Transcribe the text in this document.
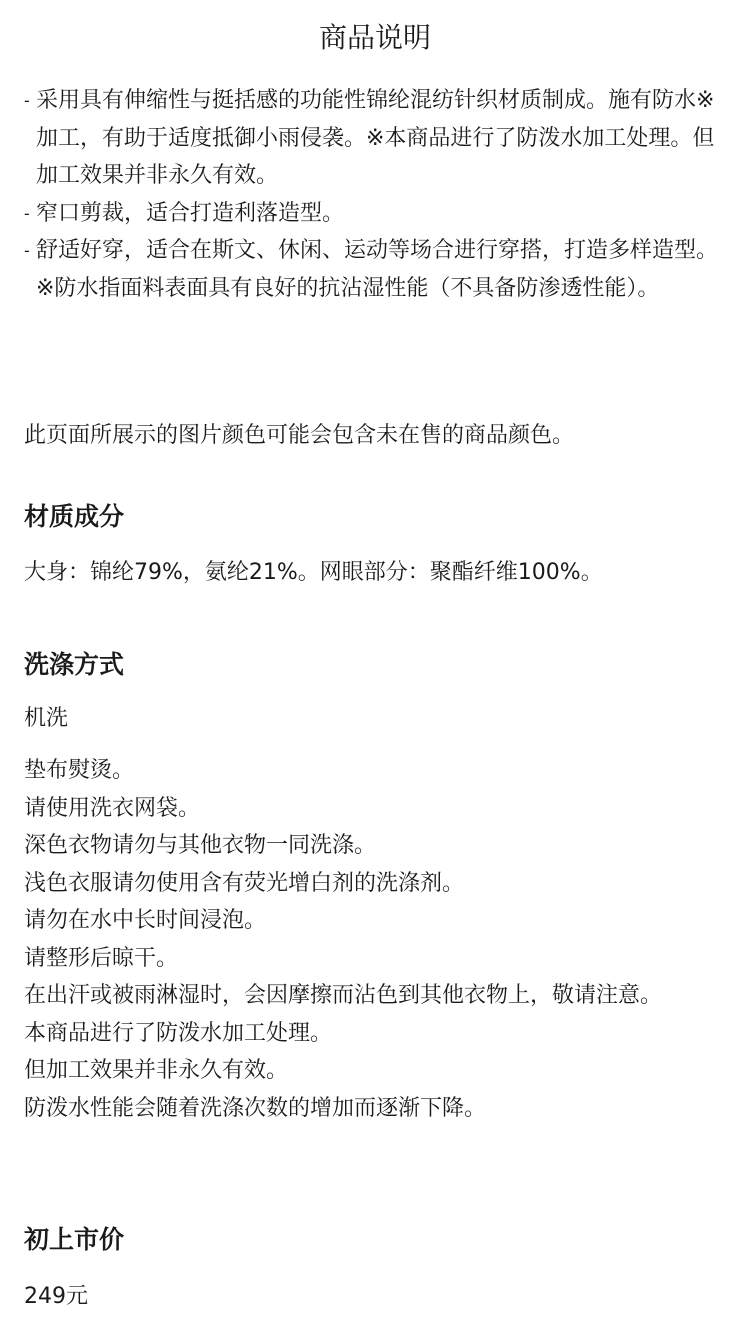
商品说明
- 采用具有伸缩性与挺括感的功能性锦纶混纺针织材质制成。施有防水※加工，有助于适度抵御小雨侵袭。※本商品进行了防泼水加工处理。但加工效果并非永久有效。
- 窄口剪裁，适合打造利落造型。
- 舒适好穿，适合在斯文、休闲、运动等场合进行穿搭，打造多样造型。
※防水指面料表面具有良好的抗沾湿性能（不具备防渗透性能）。
此页面所展示的图片颜色可能会包含未在售的商品颜色。
材质成分
大身：锦纶79%，氨纶21%。网眼部分：聚酯纤维100%。
洗涤方式
机洗
垫布熨烫。
请使用洗衣网袋。
深色衣物请勿与其他衣物一同洗涤。
浅色衣服请勿使用含有荧光增白剂的洗涤剂。
请勿在水中长时间浸泡。
请整形后晾干。
在出汗或被雨淋湿时，会因摩擦而沾色到其他衣物上，敬请注意。
本商品进行了防泼水加工处理。
但加工效果并非永久有效。
防泼水性能会随着洗涤次数的增加而逐渐下降。
初上市价
249元
